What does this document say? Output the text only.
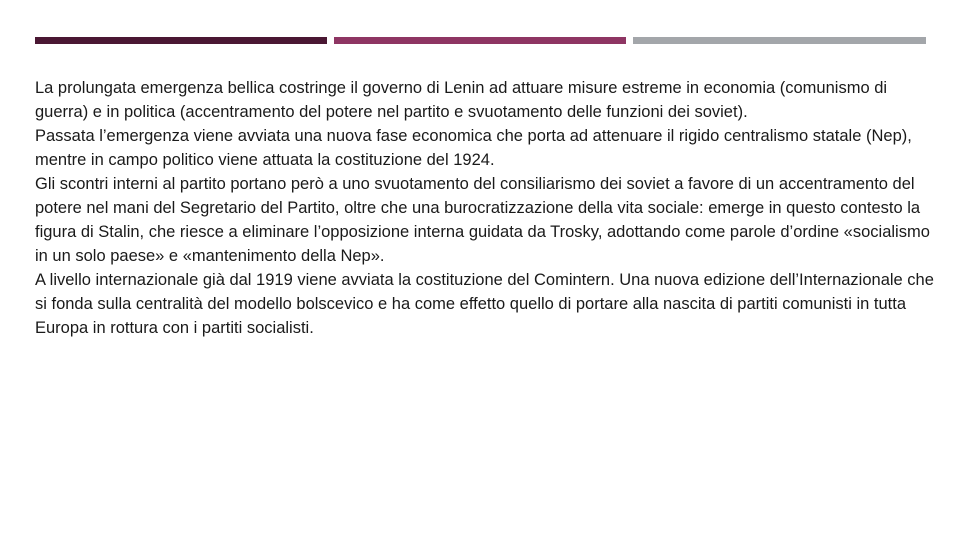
La prolungata emergenza bellica costringe il governo di Lenin ad attuare misure estreme in economia (comunismo di guerra) e in politica (accentramento del potere nel partito e svuotamento delle funzioni dei soviet).

Passata l’emergenza viene avviata una nuova fase economica che porta ad attenuare il rigido centralismo statale (Nep), mentre in campo politico viene attuata la costituzione del 1924.

Gli scontri interni al partito portano però a uno svuotamento del consiliarismo dei soviet a favore di un accentramento del potere nel mani del Segretario del Partito, oltre che una burocratizzazione della vita sociale: emerge in questo contesto la figura di Stalin, che riesce a eliminare l’opposizione interna guidata da Trosky, adottando come parole d’ordine «socialismo in un solo paese» e «mantenimento della Nep».

A livello internazionale già dal 1919 viene avviata la costituzione del Comintern. Una nuova edizione dell’Internazionale che si fonda sulla centralità del modello bolscevico e ha come effetto quello di portare alla nascita di partiti comunisti in tutta Europa in rottura con i partiti socialisti.
